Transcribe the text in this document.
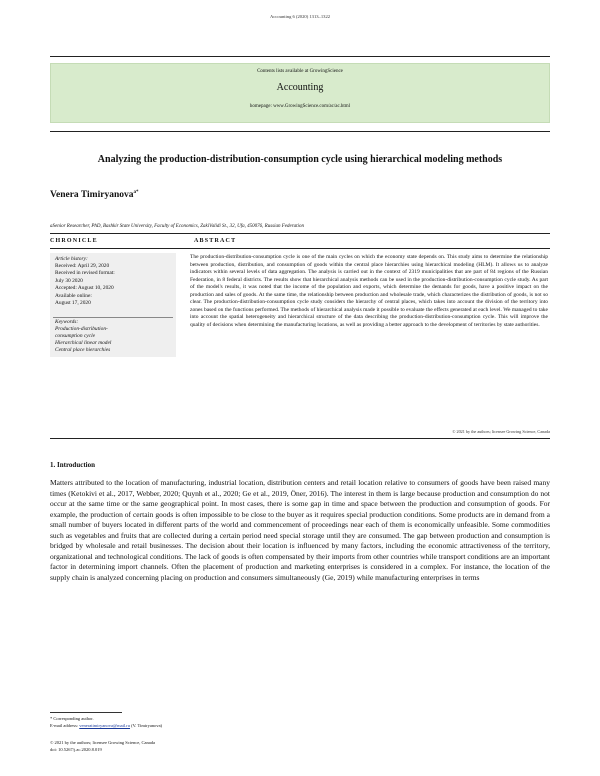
Accounting 6 (2020) 1313–1322
Contents lists available at GrowingScience
Accounting
homepage: www.GrowingScience.com/ac/ac.html
Analyzing the production-distribution-consumption cycle using hierarchical modeling methods
Venera Timiryanova$^{a*}$
aSenior Researcher, PhD, Bashkir State University, Faculty of Economics, ZakiValidi St., 32, Ufa, 450076, Russian Federation
CHRONICLE	ABSTRACT
Article history:
Received: April 29, 2020
Received in revised format:
July 30 2020
Accepted: August 10, 2020
Available online:
August 17, 2020
Keywords:
Production-distribution-
consumption cycle
Hierarchical linear model
Central place hierarchies
The production-distribution-consumption cycle is one of the main cycles on which the economy state depends on. This study aims to determine the relationship between production, distribution, and consumption of goods within the central place hierarchies using hierarchical modeling (HLM). It allows us to analyze indicators within several levels of data aggregation. The analysis is carried out in the context of 2319 municipalities that are part of 84 regions of the Russian Federation, in 8 federal districts. The results show that hierarchical analysis methods can be used in the production-distribution-consumption cycle study. As part of the model's results, it was noted that the income of the population and exports, which determine the demands for goods, have a positive impact on the production and sales of goods. At the same time, the relationship between production and wholesale trade, which characterizes the distribution of goods, is not so clear. The production-distribution-consumption cycle study considers the hierarchy of central places, which takes into account the division of the territory into zones based on the functions performed. The methods of hierarchical analysis made it possible to evaluate the effects generated at each level. We managed to take into account the spatial heterogeneity and hierarchical structure of the data describing the production-distribution-consumption cycle. This will improve the quality of decisions when determining the manufacturing locations, as well as providing a better approach to the development of territories by state authorities.
© 2021 by the authors; licensee Growing Science, Canada
1. Introduction
Matters attributed to the location of manufacturing, industrial location, distribution centers and retail location relative to consumers of goods have been raised many times (Ketokivi et al., 2017, Webber, 2020; Quynh et al., 2020; Ge et al., 2019, Öner, 2016). The interest in them is large because production and consumption do not occur at the same time or the same geographical point. In most cases, there is some gap in time and space between the production and consumption of goods. For example, the production of certain goods is often impossible to be close to the buyer as it requires special production conditions. Some products are in demand from a small number of buyers located in different parts of the world and commencement of proceedings near each of them is economically unfeasible. Some commodities such as vegetables and fruits that are collected during a certain period need special storage until they are consumed. The gap between production and consumption is bridged by wholesale and retail businesses. The decision about their location is influenced by many factors, including the economic attractiveness of the territory, organizational and technological conditions. The lack of goods is often compensated by their imports from other countries while transport conditions are an important factor in determining import channels. Often the placement of production and marketing enterprises is considered in a complex. For instance, the location of the supply chain is analyzed concerning placing on production and consumers simultaneously (Ge, 2019) while manufacturing enterprises in terms
* Corresponding author.
E-mail address: veneratimiryanova@mail.ru (V. Timiryanova)
© 2021 by the authors; licensee Growing Science, Canada
doi: 10.5267/j.ac.2020.8.019
